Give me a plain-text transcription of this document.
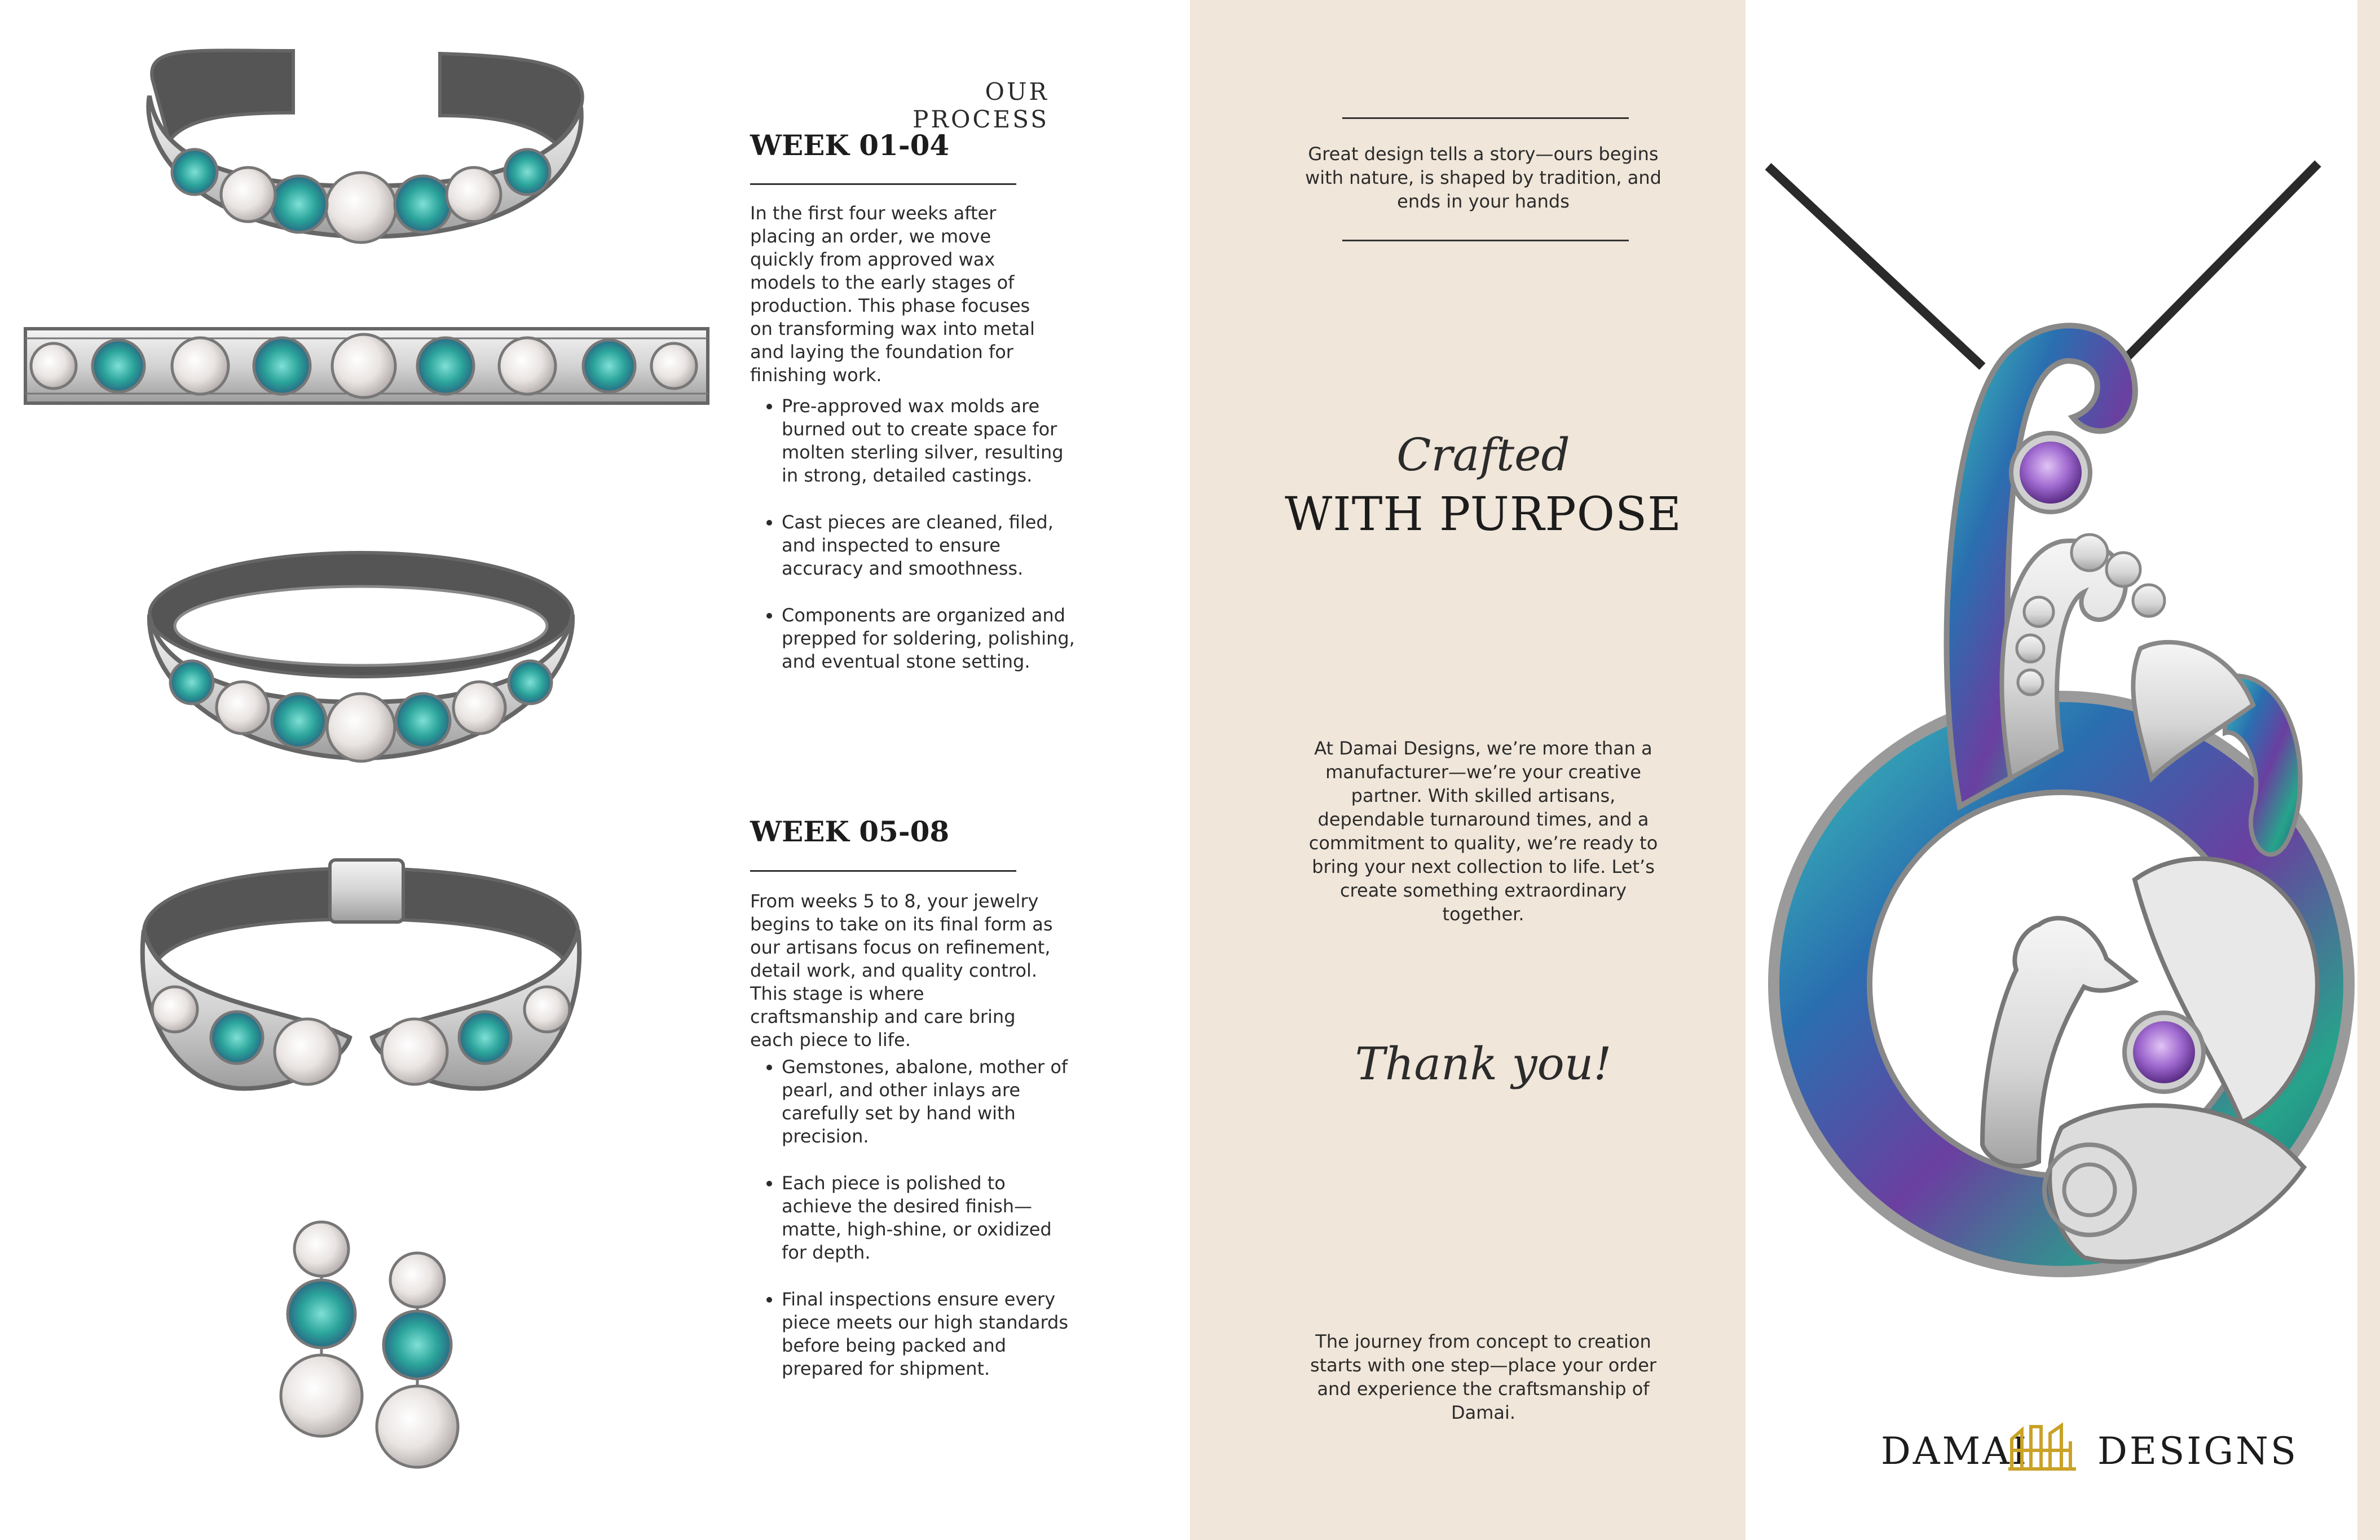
OUR PROCESS
WEEK 01-04
In the first four weeks after placing an order, we move quickly from approved wax models to the early stages of production. This phase focuses on transforming wax into metal and laying the foundation for finishing work.
• Pre-approved wax molds are burned out to create space for molten sterling silver, resulting in strong, detailed castings.
• Cast pieces are cleaned, filed, and inspected to ensure accuracy and smoothness.
• Components are organized and prepped for soldering, polishing, and eventual stone setting.
WEEK 05-08
From weeks 5 to 8, your jewelry begins to take on its final form as our artisans focus on refinement, detail work, and quality control. This stage is where craftsmanship and care bring each piece to life.
• Gemstones, abalone, mother of pearl, and other inlays are carefully set by hand with precision.
• Each piece is polished to achieve the desired finish—matte, high-shine, or oxidized for depth.
• Final inspections ensure every piece meets our high standards before being packed and prepared for shipment.
Great design tells a story—ours begins with nature, is shaped by tradition, and ends in your hands
Crafted
WITH PURPOSE
At Damai Designs, we’re more than a manufacturer—we’re your creative partner. With skilled artisans, dependable turnaround times, and a commitment to quality, we’re ready to bring your next collection to life. Let’s create something extraordinary together.
Thank you!
The journey from concept to creation starts with one step—place your order and experience the craftsmanship of Damai.
DAMAI DESIGNS
